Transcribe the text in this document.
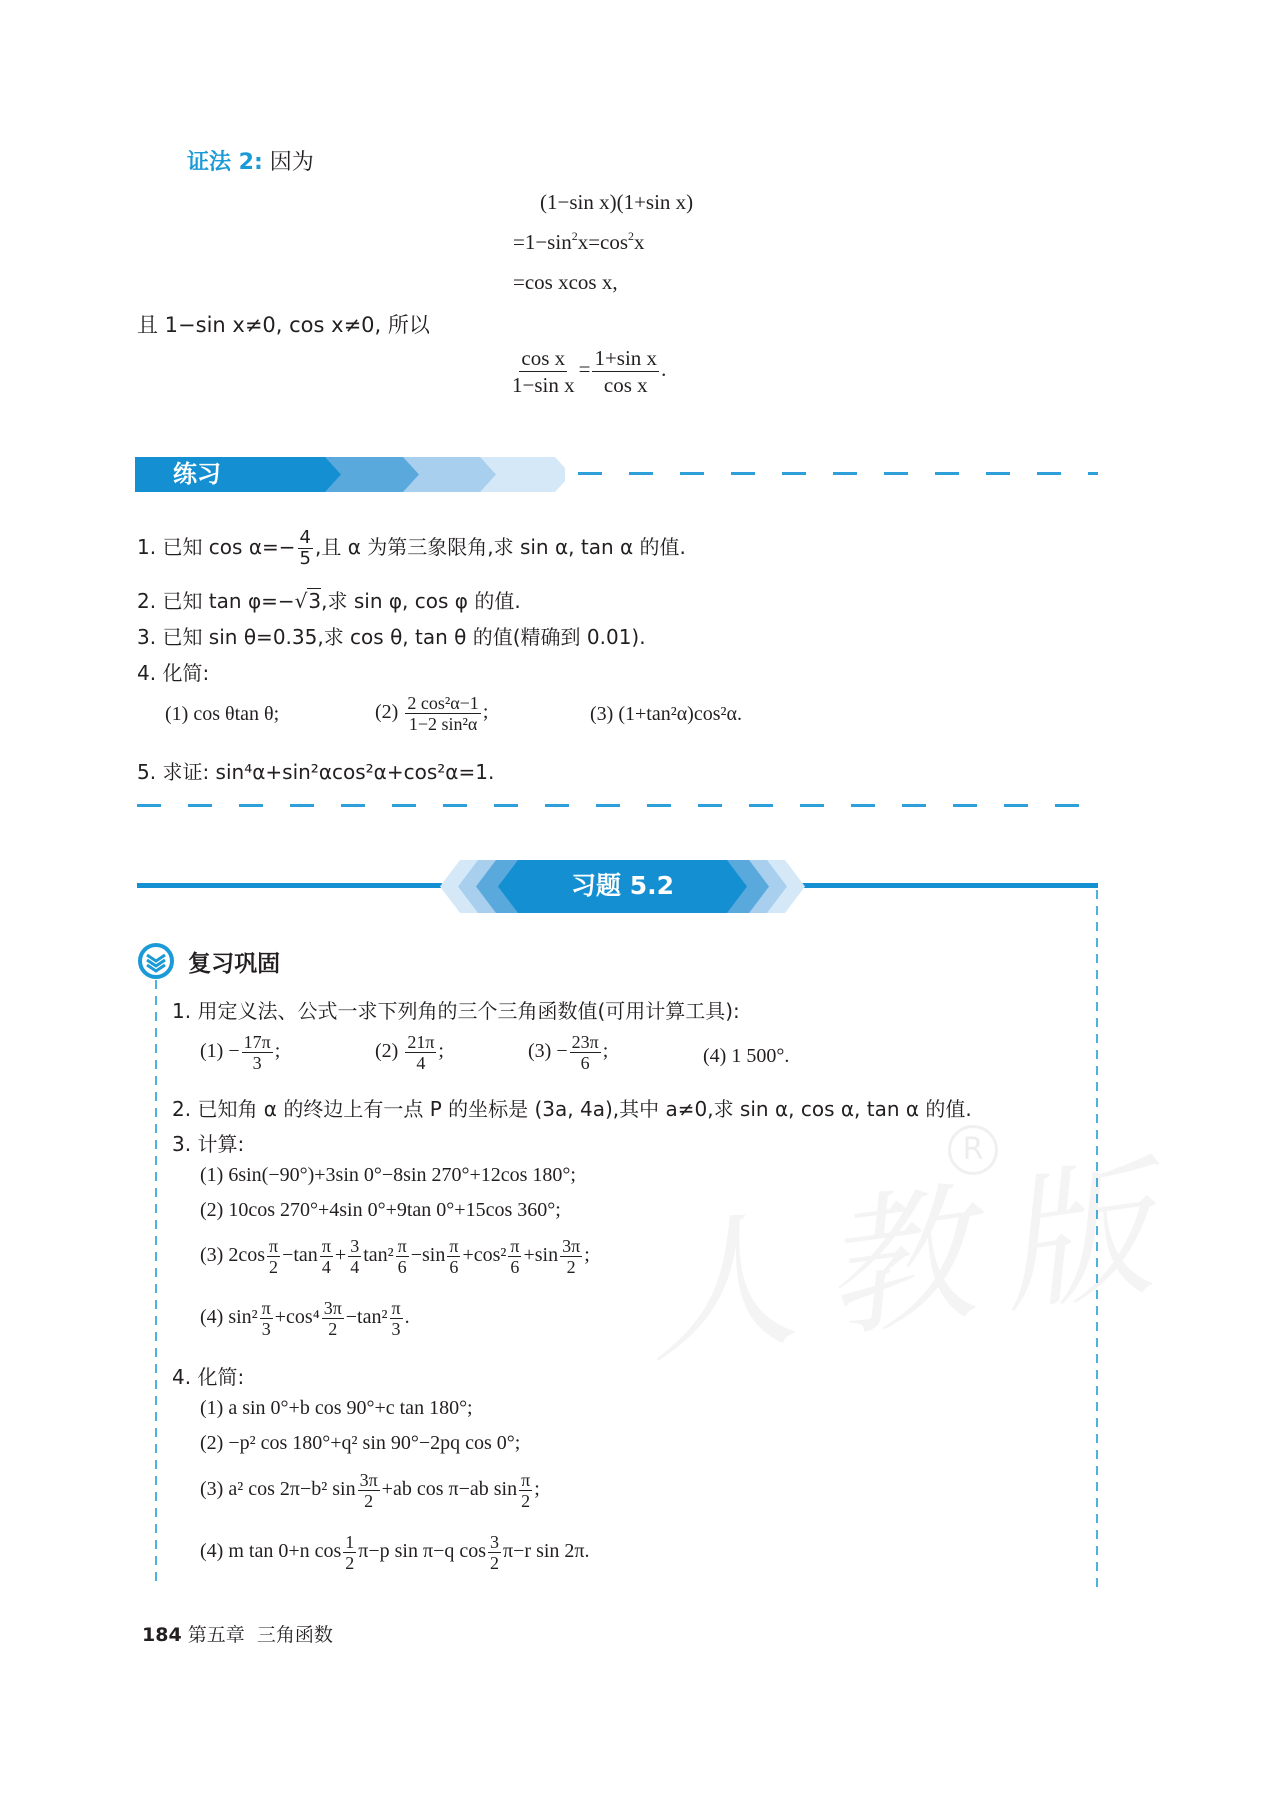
证法 2: 因为
(1−sin x)(1+sin x)
$=1-\sin^2x=\cos^2x$
=cos xcos x,
且 1−sin x≠0, cos x≠0, 所以
$\frac{\text{cos x}}{\text{1−sin x}} = \frac{\text{1+sin x}}{\text{cos x}}$ .
练习
1. 已知 $\cos \alpha=- \frac{4}{5}$ ,且 α 为第三象限角,求 sin α, tan α 的值.
2. 已知 tan φ=−√3,求 sin φ, cos φ 的值.
3. 已知 sin θ=0.35,求 cos θ, tan θ 的值(精确到 0.01).
4. 化简:
(1) cos θtan θ;	$(2) \frac{\text{2 cos²α−1}}{\text{1−2 sin²α}}$ ;	(3) (1+tan²α)cos²α.
5. 求证: sin⁴α+sin²αcos²α+cos²α=1.
习题 5.2
复习巩固
1. 用定义法、公式一求下列角的三个三角函数值(可用计算工具):
$(1) - \frac{17\pi}{3}$ ;	$(2) \frac{21\pi}{4}$ ;	$(3) - \frac{23\pi}{6}$ ;	(4) 1 500°.
2. 已知角 α 的终边上有一点 P 的坐标是 (3a, 4a),其中 a≠0,求 sin α, cos α, tan α 的值.
3. 计算:
(1) 6sin(−90°)+3sin 0°−8sin 270°+12cos 180°;
(2) 10cos 270°+4sin 0°+9tan 0°+15cos 360°;
(3) $2\cos \frac{\pi}{2} -\tan \frac{\pi}{4} + \frac{3}{4} \tan^2 \frac{\pi}{6} -\sin \frac{\pi}{6} +\cos^2 \frac{\pi}{6} +\sin \frac{3\pi}{2}$ ;
(4) $\sin^2 \frac{\pi}{3} +\cos^4 \frac{3\pi}{2} -\tan^2 \frac{\pi}{3}$ .
4. 化简:
(1) a sin 0°+b cos 90°+c tan 180°;
(2) −p² cos 180°+q² sin 90°−2pq cos 0°;
(3) a² cos 2π−b² $\sin \frac{3\pi}{2} +ab$ cos π−ab $\sin \frac{\pi}{2}$ ;
(4) m tan 0+n $\cos \frac{1}{2} \pi-p$ sin π−q $\cos \frac{3}{2} \pi-r$ sin 2π.
R
184 第五章 三角函数
